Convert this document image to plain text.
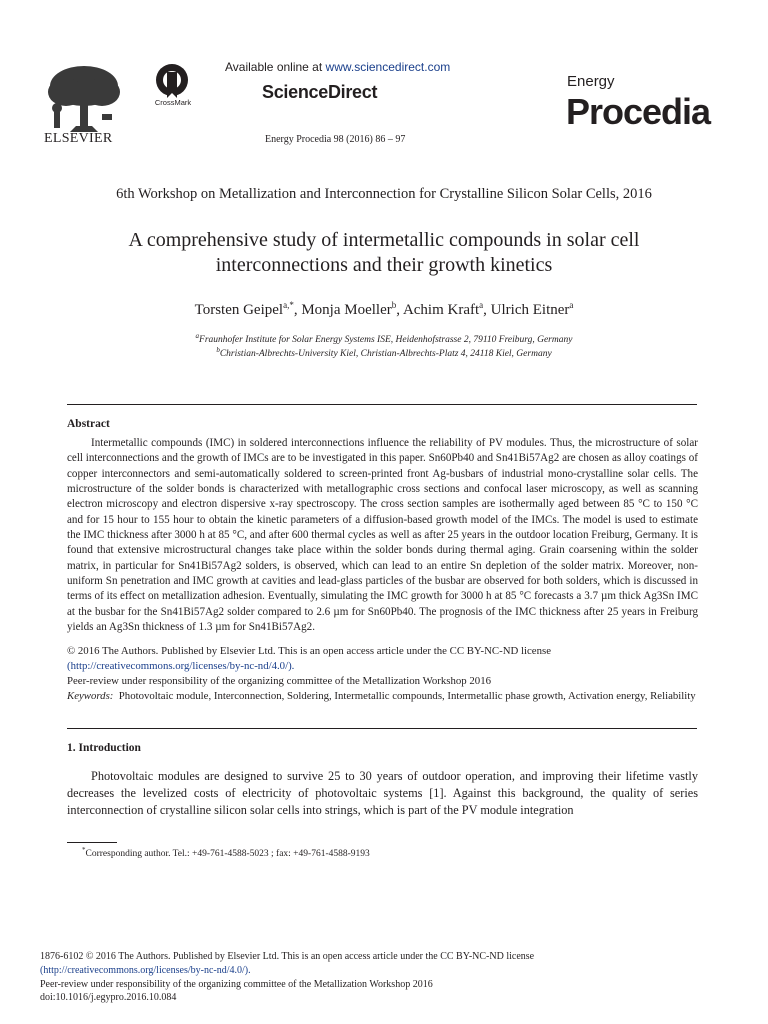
ELSEVIER
CrossMark
Available online at www.sciencedirect.com
ScienceDirect
Energy Procedia 98 (2016) 86 – 97
Energy
Procedia
6th Workshop on Metallization and Interconnection for Crystalline Silicon Solar Cells, 2016
A comprehensive study of intermetallic compounds in solar cell
interconnections and their growth kinetics
Torsten Geipel$^{a,*}$, Monja Moeller$^b$, Achim Kraft$^a$, Ulrich Eitner$^a$
$^a$Fraunhofer Institute for Solar Energy Systems ISE, Heidenhofstrasse 2, 79110 Freiburg, Germany
$^b$Christian-Albrechts-University Kiel, Christian-Albrechts-Platz 4, 24118 Kiel, Germany
Abstract

Intermetallic compounds (IMC) in soldered interconnections influence the reliability of PV modules. Thus, the microstructure of solar cell interconnections and the growth of IMCs are to be investigated in this paper. Sn60Pb40 and Sn41Bi57Ag2 are chosen as alloy coatings of copper interconnectors and semi-automatically soldered to screen-printed front Ag-busbars of industrial mono-crystalline solar cells. The microstructure of the solder bonds is characterized with metallographic cross sections and confocal laser microscopy, as well as scanning electron microscopy and electron dispersive x-ray spectroscopy. The cross section samples are isothermally aged between 85 °C to 150 °C and for 15 hour to 155 hour to obtain the kinetic parameters of a diffusion-based growth model of the IMCs. The model is used to estimate the IMC thickness after 3000 h at 85 °C, and after 600 thermal cycles as well as after 25 years in the outdoor location Freiburg, Germany. It is found that extensive microstructural changes take place within the solder bonds during thermal aging. Grain coarsening within the solder matrix, in particular for Sn41Bi57Ag2 solders, is observed, which can lead to an entire Sn depletion of the solder matrix. Moreover, non-uniform Sn penetration and IMC growth at cavities and lead-glass particles of the busbar are observed for both solders, which is discussed in terms of its effect on metallization adhesion. Eventually, simulating the IMC growth for 3000 h at 85 °C forecasts a 3.7 µm thick Ag3Sn IMC at the busbar for the Sn41Bi57Ag2 solder compared to 2.6 µm for Sn60Pb40. The prognosis of the IMC thickness after 25 years in Freiburg yields an Ag3Sn thickness of 1.3 µm for Sn41Bi57Ag2.

© 2016 The Authors. Published by Elsevier Ltd. This is an open access article under the CC BY-NC-ND license
(http://creativecommons.org/licenses/by-nc-nd/4.0/).
Peer-review under responsibility of the organizing committee of the Metallization Workshop 2016
Keywords: Photovoltaic module, Interconnection, Soldering, Intermetallic compounds, Intermetallic phase growth, Activation energy, Reliability
1. Introduction

Photovoltaic modules are designed to survive 25 to 30 years of outdoor operation, and improving their lifetime vastly decreases the levelized costs of electricity of photovoltaic systems [1]. Against this background, the quality of series interconnection of crystalline silicon solar cells into strings, which is part of the PV module integration

*Corresponding author. Tel.: +49-761-4588-5023 ; fax: +49-761-4588-9193
1876-6102 © 2016 The Authors. Published by Elsevier Ltd. This is an open access article under the CC BY-NC-ND license
(http://creativecommons.org/licenses/by-nc-nd/4.0/).
Peer-review under responsibility of the organizing committee of the Metallization Workshop 2016
doi:10.1016/j.egypro.2016.10.084
